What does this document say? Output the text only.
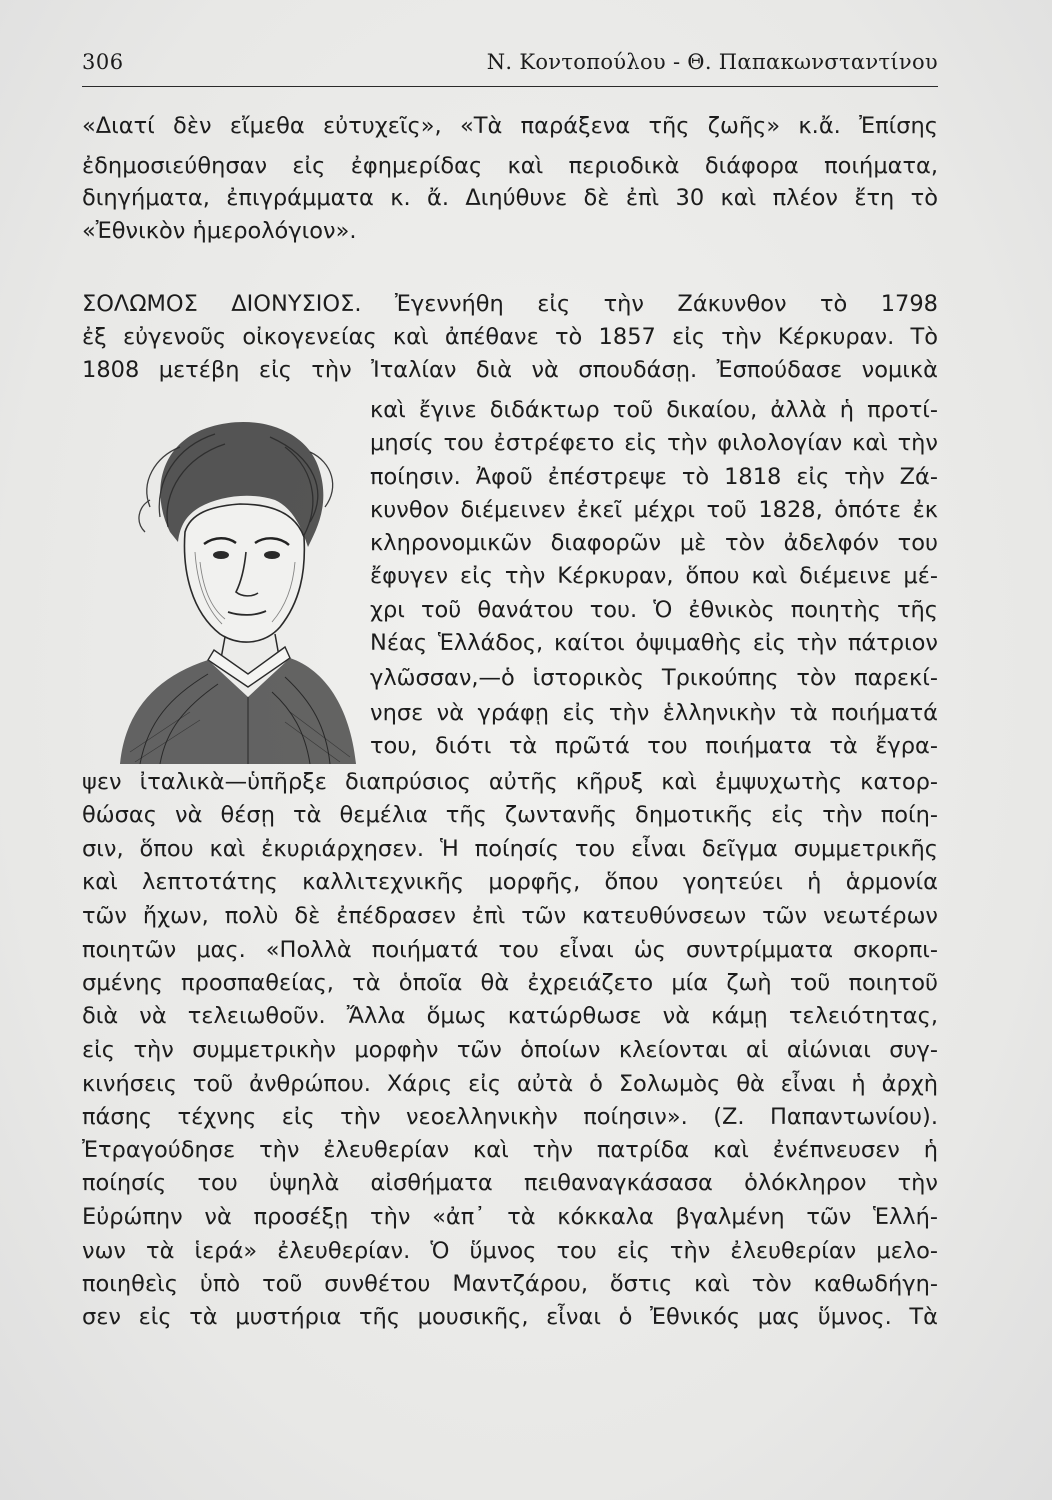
306	Ν. Κοντοπούλου - Θ. Παπακωνσταντίνου
«Διατί δὲν εἴμεθα εὐτυχεῖς», «Τὰ παράξενα τῆς ζωῆς» κ.ἄ. Ἐπίσης
ἐδημοσιεύθησαν εἰς ἐφημερίδας καὶ περιοδικὰ διάφορα ποιήματα,
διηγήματα, ἐπιγράμματα κ. ἄ. Διηύθυνε δὲ ἐπὶ 30 καὶ πλέον ἔτη τὸ
«Ἐθνικὸν ἡμερολόγιον».
ΣΟΛΩΜΟΣ ΔΙΟΝΥΣΙΟΣ. Ἐγεννήθη εἰς τὴν Ζάκυνθον τὸ 1798
ἐξ εὐγενοῦς οἰκογενείας καὶ ἀπέθανε τὸ 1857 εἰς τὴν Κέρκυραν. Τὸ
1808 μετέβη εἰς τὴν Ἰταλίαν διὰ νὰ σπουδάσῃ. Ἐσπούδασε νομικὰ
καὶ ἔγινε διδάκτωρ τοῦ δικαίου, ἀλλὰ ἡ προτί-
μησίς του ἐστρέφετο εἰς τὴν φιλολογίαν καὶ τὴν
ποίησιν. Ἀφοῦ ἐπέστρεψε τὸ 1818 εἰς τὴν Ζά-
κυνθον διέμεινεν ἐκεῖ μέχρι τοῦ 1828, ὁπότε ἐκ
κληρονομικῶν διαφορῶν μὲ τὸν ἀδελφόν του
ἔφυγεν εἰς τὴν Κέρκυραν, ὅπου καὶ διέμεινε μέ-
χρι τοῦ θανάτου του. Ὁ ἐθνικὸς ποιητὴς τῆς
Νέας Ἑλλάδος, καίτοι ὀψιμαθὴς εἰς τὴν πάτριον
γλῶσσαν,—ὁ ἱστορικὸς Τρικούπης τὸν παρεκί-
νησε νὰ γράφῃ εἰς τὴν ἑλληνικὴν τὰ ποιήματά
του, διότι τὰ πρῶτά του ποιήματα τὰ ἔγρα-
ψεν ἰταλικὰ—ὑπῆρξε διαπρύσιος αὐτῆς κῆρυξ καὶ ἐμψυχωτὴς κατορ-
θώσας νὰ θέσῃ τὰ θεμέλια τῆς ζωντανῆς δημοτικῆς εἰς τὴν ποίη-
σιν, ὅπου καὶ ἐκυριάρχησεν. Ἡ ποίησίς του εἶναι δεῖγμα συμμετρικῆς
καὶ λεπτοτάτης καλλιτεχνικῆς μορφῆς, ὅπου γοητεύει ἡ ἁρμονία
τῶν ἤχων, πολὺ δὲ ἐπέδρασεν ἐπὶ τῶν κατευθύνσεων τῶν νεωτέρων
ποιητῶν μας. «Πολλὰ ποιήματά του εἶναι ὡς συντρίμματα σκορπι-
σμένης προσπαθείας, τὰ ὁποῖα θὰ ἐχρειάζετο μία ζωὴ τοῦ ποιητοῦ
διὰ νὰ τελειωθοῦν. Ἄλλα ὅμως κατώρθωσε νὰ κάμῃ τελειότητας,
εἰς τὴν συμμετρικὴν μορφὴν τῶν ὁποίων κλείονται αἱ αἰώνιαι συγ-
κινήσεις τοῦ ἀνθρώπου. Χάρις εἰς αὐτὰ ὁ Σολωμὸς θὰ εἶναι ἡ ἀρχὴ
πάσης τέχνης εἰς τὴν νεοελληνικὴν ποίησιν». (Ζ. Παπαντωνίου).
Ἐτραγούδησε τὴν ἐλευθερίαν καὶ τὴν πατρίδα καὶ ἐνέπνευσεν ἡ
ποίησίς του ὑψηλὰ αἰσθήματα πειθαναγκάσασα ὁλόκληρον τὴν
Εὐρώπην νὰ προσέξῃ τὴν «ἀπ᾿ τὰ κόκκαλα βγαλμένη τῶν Ἑλλή-
νων τὰ ἱερά» ἐλευθερίαν. Ὁ ὕμνος του εἰς τὴν ἐλευθερίαν μελο-
ποιηθεὶς ὑπὸ τοῦ συνθέτου Μαντζάρου, ὅστις καὶ τὸν καθωδήγη-
σεν εἰς τὰ μυστήρια τῆς μουσικῆς, εἶναι ὁ Ἐθνικός μας ὕμνος. Τὰ
